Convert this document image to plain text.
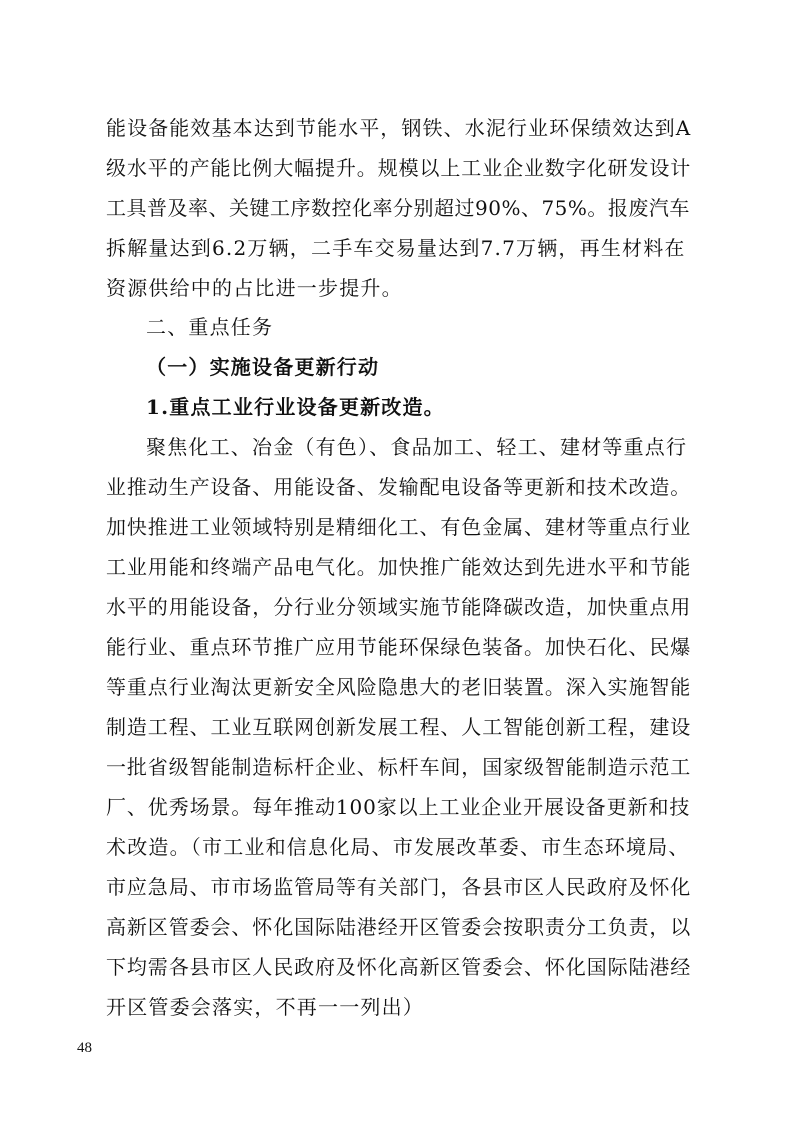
能设备能效基本达到节能水平，钢铁、水泥行业环保绩效达到A
级水平的产能比例大幅提升。规模以上工业企业数字化研发设计
工具普及率、关键工序数控化率分别超过90%、75%。报废汽车
拆解量达到6.2万辆，二手车交易量达到7.7万辆，再生材料在
资源供给中的占比进一步提升。
二、重点任务
（一）实施设备更新行动
1.重点工业行业设备更新改造。
聚焦化工、冶金（有色）、食品加工、轻工、建材等重点行
业推动生产设备、用能设备、发输配电设备等更新和技术改造。
加快推进工业领域特别是精细化工、有色金属、建材等重点行业
工业用能和终端产品电气化。加快推广能效达到先进水平和节能
水平的用能设备，分行业分领域实施节能降碳改造，加快重点用
能行业、重点环节推广应用节能环保绿色装备。加快石化、民爆
等重点行业淘汰更新安全风险隐患大的老旧装置。深入实施智能
制造工程、工业互联网创新发展工程、人工智能创新工程，建设
一批省级智能制造标杆企业、标杆车间，国家级智能制造示范工
厂、优秀场景。每年推动100家以上工业企业开展设备更新和技
术改造。（市工业和信息化局、市发展改革委、市生态环境局、
市应急局、市市场监管局等有关部门，各县市区人民政府及怀化
高新区管委会、怀化国际陆港经开区管委会按职责分工负责，以
下均需各县市区人民政府及怀化高新区管委会、怀化国际陆港经
开区管委会落实，不再一一列出）
48
